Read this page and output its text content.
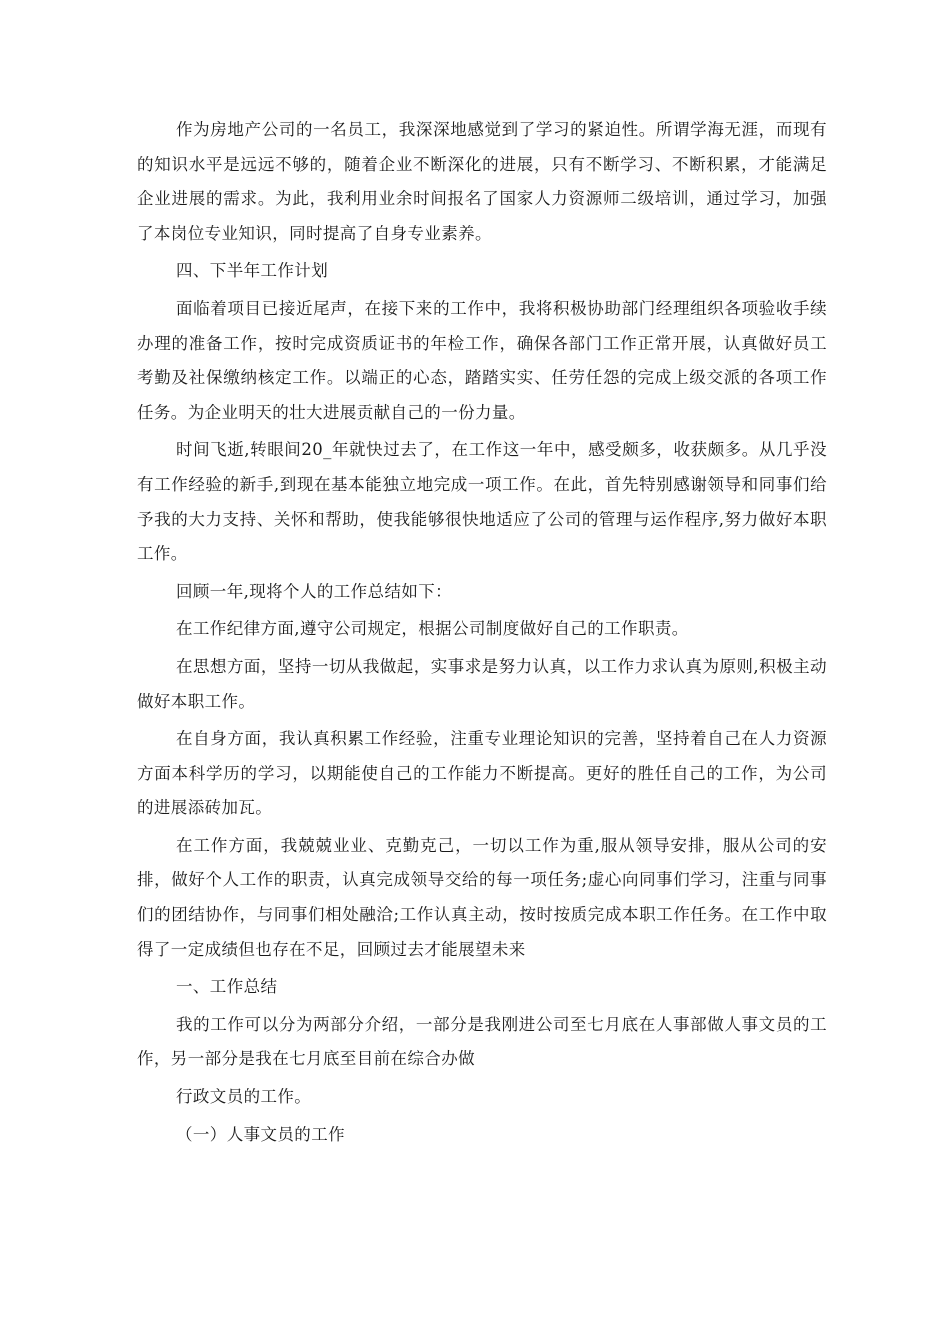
作为房地产公司的一名员工，我深深地感觉到了学习的紧迫性。所谓学海无涯，而现有的知识水平是远远不够的，随着企业不断深化的进展，只有不断学习、不断积累，才能满足企业进展的需求。为此，我利用业余时间报名了国家人力资源师二级培训，通过学习，加强了本岗位专业知识，同时提高了自身专业素养。

四、下半年工作计划

面临着项目已接近尾声，在接下来的工作中，我将积极协助部门经理组织各项验收手续办理的准备工作，按时完成资质证书的年检工作，确保各部门工作正常开展，认真做好员工考勤及社保缴纳核定工作。以端正的心态，踏踏实实、任劳任怨的完成上级交派的各项工作任务。为企业明天的壮大进展贡献自己的一份力量。

时间飞逝,转眼间20_年就快过去了，在工作这一年中，感受颇多，收获颇多。从几乎没有工作经验的新手,到现在基本能独立地完成一项工作。在此，首先特别感谢领导和同事们给予我的大力支持、关怀和帮助，使我能够很快地适应了公司的管理与运作程序,努力做好本职工作。

回顾一年,现将个人的工作总结如下：

在工作纪律方面,遵守公司规定，根据公司制度做好自己的工作职责。

在思想方面，坚持一切从我做起，实事求是努力认真，以工作力求认真为原则,积极主动做好本职工作。

在自身方面，我认真积累工作经验，注重专业理论知识的完善，坚持着自己在人力资源方面本科学历的学习，以期能使自己的工作能力不断提高。更好的胜任自己的工作，为公司的进展添砖加瓦。

在工作方面，我兢兢业业、克勤克己，一切以工作为重,服从领导安排，服从公司的安排，做好个人工作的职责，认真完成领导交给的每一项任务;虚心向同事们学习，注重与同事们的团结协作，与同事们相处融洽;工作认真主动，按时按质完成本职工作任务。在工作中取得了一定成绩但也存在不足，回顾过去才能展望未来

一、工作总结

我的工作可以分为两部分介绍，一部分是我刚进公司至七月底在人事部做人事文员的工作，另一部分是我在七月底至目前在综合办做

行政文员的工作。

（一）人事文员的工作
